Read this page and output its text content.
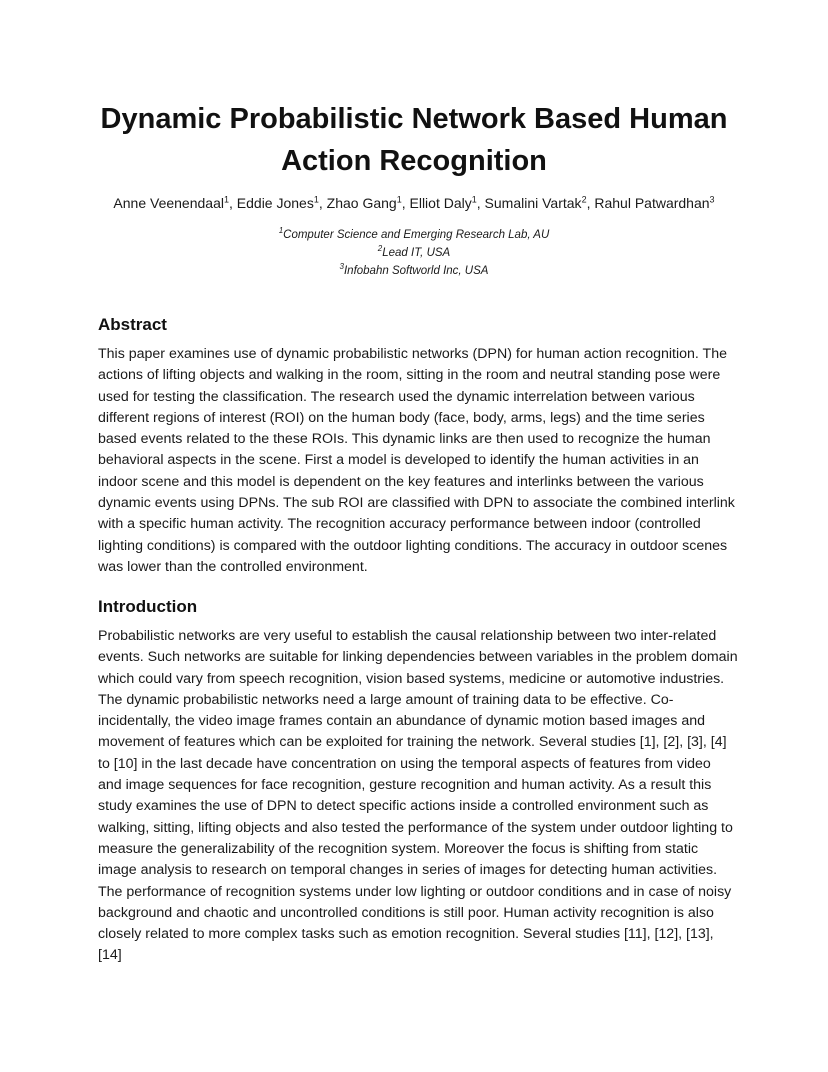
Dynamic Probabilistic Network Based Human Action Recognition
Anne Veenendaal$^1$, Eddie Jones$^1$, Zhao Gang$^1$, Elliot Daly$^1$, Sumalini Vartak$^2$, Rahul Patwardhan$^3$
$^1$Computer Science and Emerging Research Lab, AU
$^2$Lead IT, USA
$^3$Infobahn Softworld Inc, USA
Abstract

This paper examines use of dynamic probabilistic networks (DPN) for human action recognition. The actions of lifting objects and walking in the room, sitting in the room and neutral standing pose were used for testing the classification. The research used the dynamic interrelation between various different regions of interest (ROI) on the human body (face, body, arms, legs) and the time series based events related to the these ROIs. This dynamic links are then used to recognize the human behavioral aspects in the scene. First a model is developed to identify the human activities in an indoor scene and this model is dependent on the key features and interlinks between the various dynamic events using DPNs. The sub ROI are classified with DPN to associate the combined interlink with a specific human activity. The recognition accuracy performance between indoor (controlled lighting conditions) is compared with the outdoor lighting conditions. The accuracy in outdoor scenes was lower than the controlled environment.

Introduction

Probabilistic networks are very useful to establish the causal relationship between two inter-related events. Such networks are suitable for linking dependencies between variables in the problem domain which could vary from speech recognition, vision based systems, medicine or automotive industries. The dynamic probabilistic networks need a large amount of training data to be effective. Co-incidentally, the video image frames contain an abundance of dynamic motion based images and movement of features which can be exploited for training the network. Several studies [1], [2], [3], [4] to [10] in the last decade have concentration on using the temporal aspects of features from video and image sequences for face recognition, gesture recognition and human activity. As a result this study examines the use of DPN to detect specific actions inside a controlled environment such as walking, sitting, lifting objects and also tested the performance of the system under outdoor lighting to measure the generalizability of the recognition system. Moreover the focus is shifting from static image analysis to research on temporal changes in series of images for detecting human activities. The performance of recognition systems under low lighting or outdoor conditions and in case of noisy background and chaotic and uncontrolled conditions is still poor. Human activity recognition is also closely related to more complex tasks such as emotion recognition. Several studies [11], [12], [13], [14]
